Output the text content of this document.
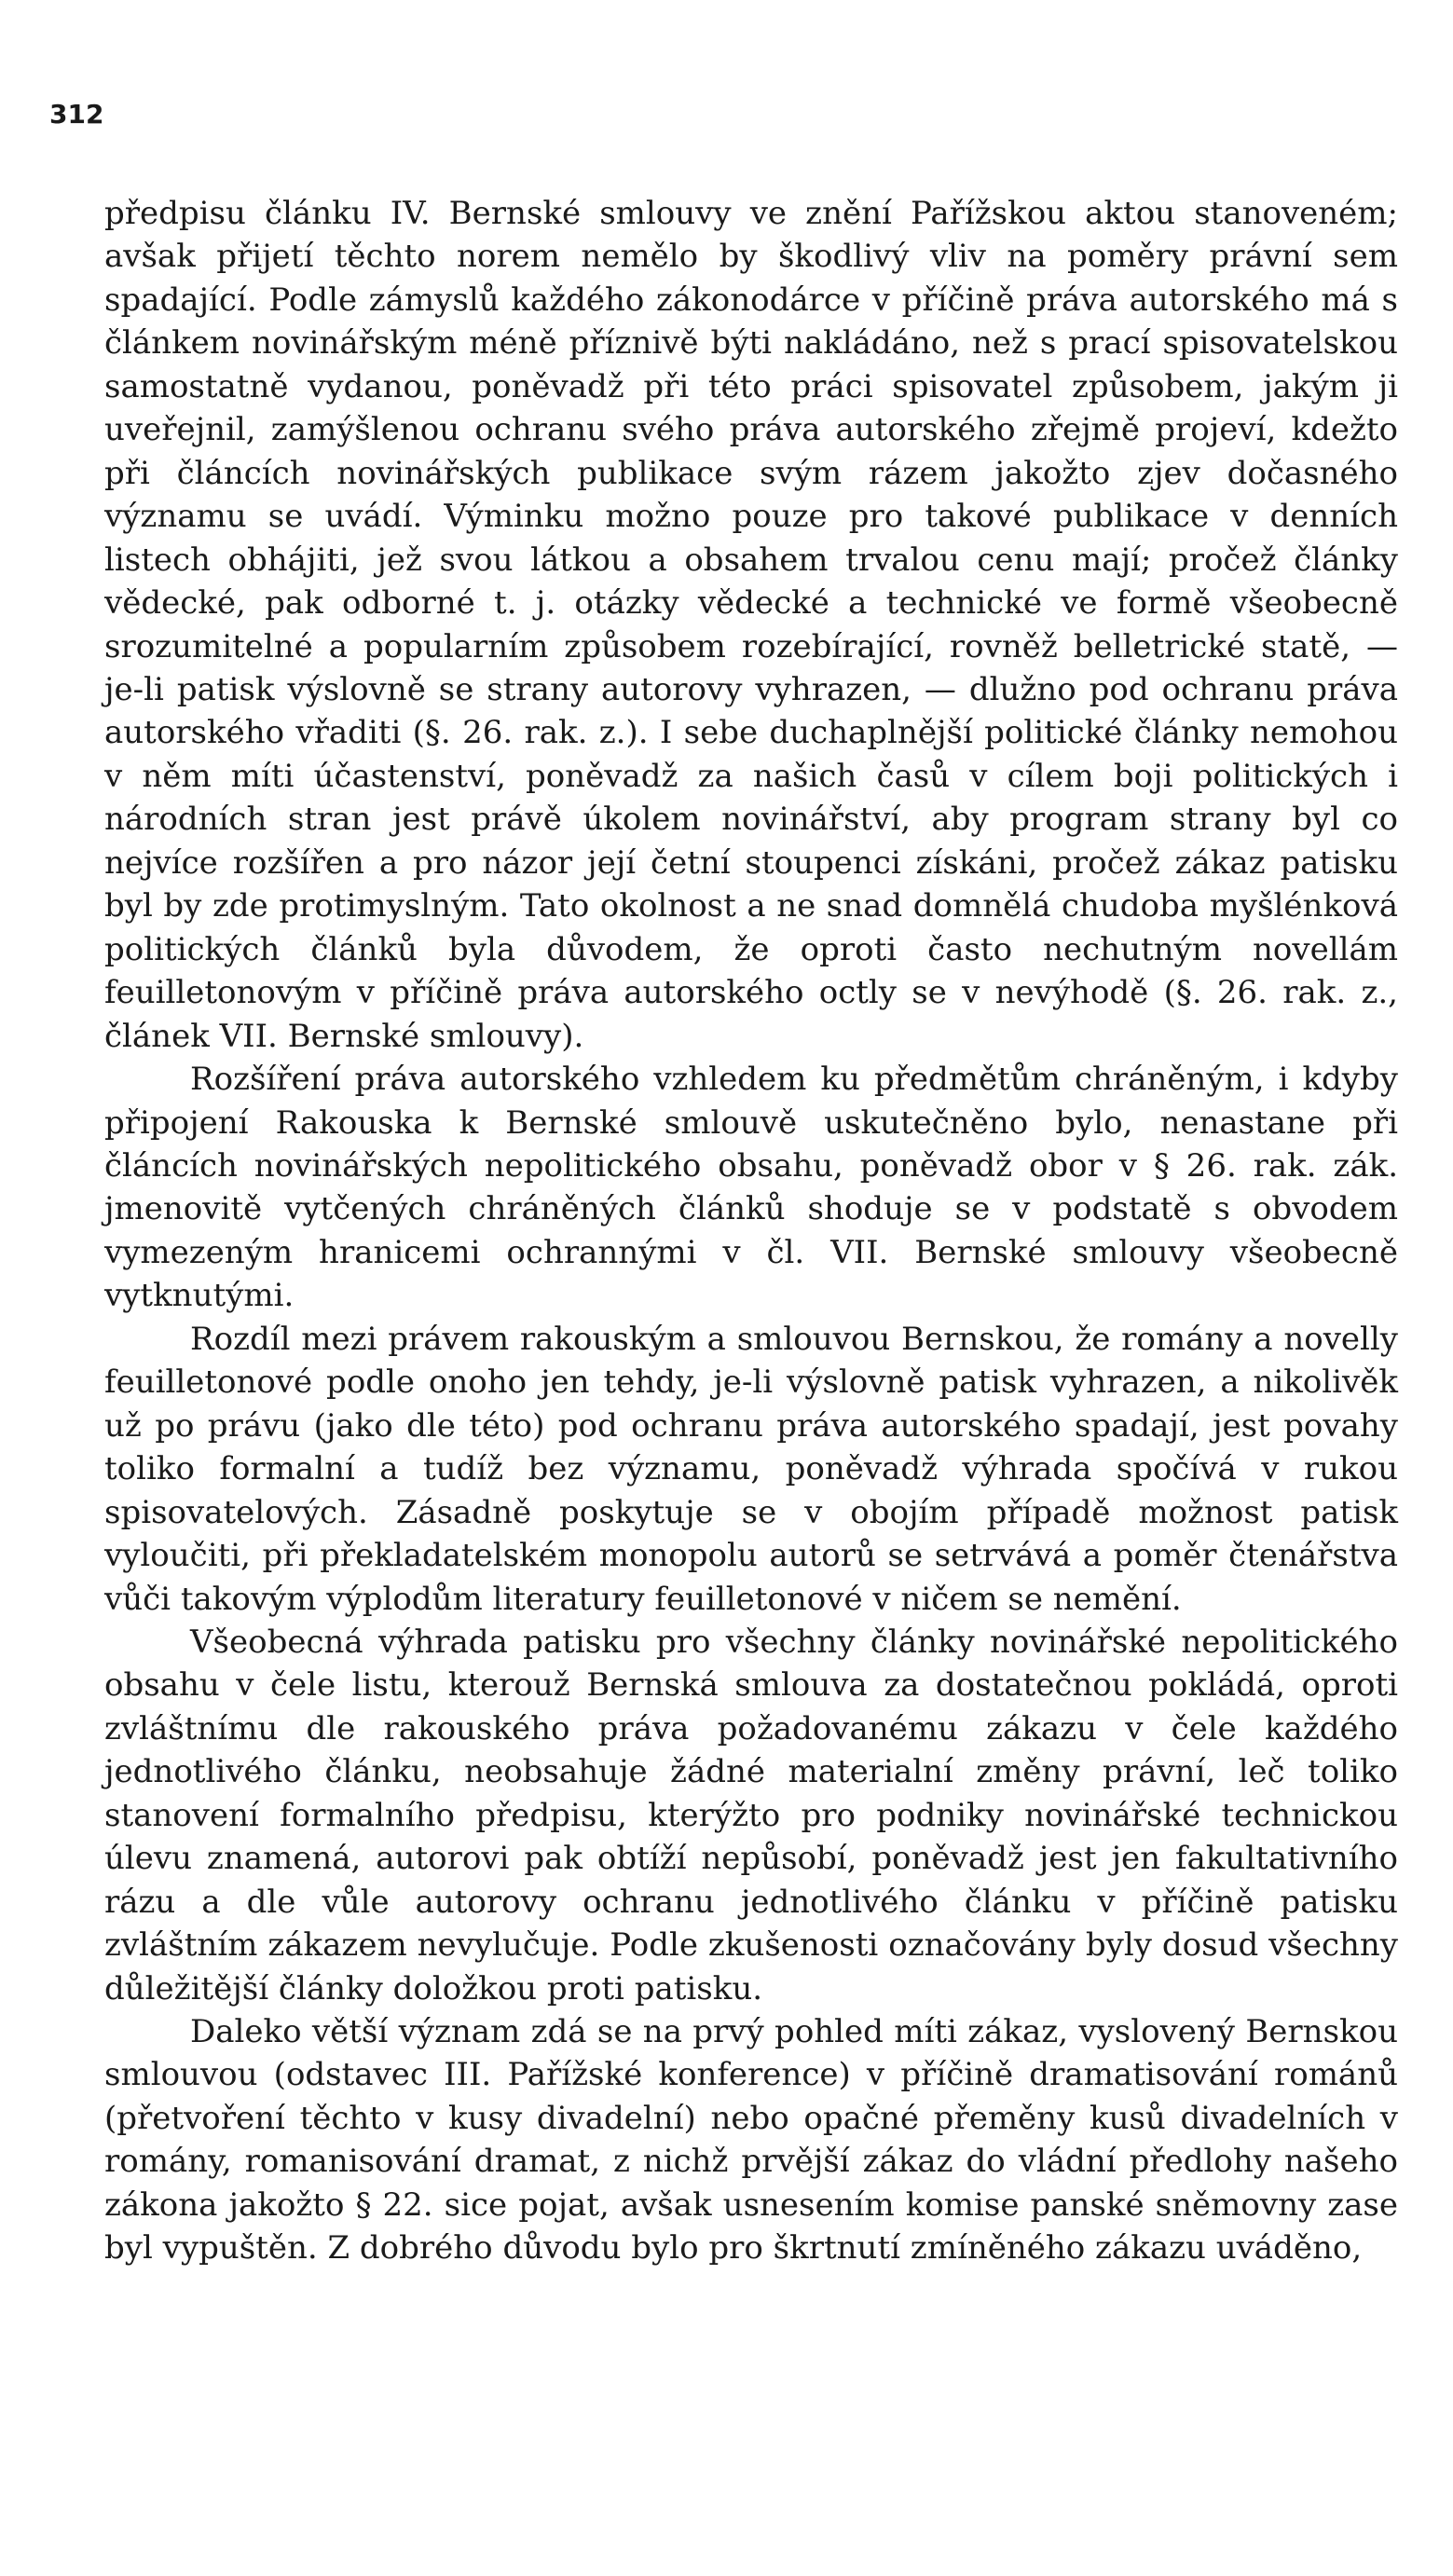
312

předpisu článku IV. Bernské smlouvy ve znění Pařížskou aktou stanoveném; avšak přijetí těchto norem nemělo by škodlivý vliv na poměry právní sem spadající. Podle zámyslů každého zákonodárce v příčině práva autorského má s článkem novinářským méně příznivě býti nakládáno, než s prací spisovatelskou samostatně vydanou, poněvadž při této práci spisovatel způsobem, jakým ji uveřejnil, zamýšlenou ochranu svého práva autorského zřejmě projeví, kdežto při článcích novinářských publikace svým rázem jakožto zjev dočasného významu se uvádí. Výminku možno pouze pro takové publikace v denních listech obhájiti, jež svou látkou a obsahem trvalou cenu mají; pročež články vědecké, pak odborné t. j. otázky vědecké a technické ve formě všeobecně srozumitelné a popularním způsobem rozebírající, rovněž belletrické statě, — je-li patisk výslovně se strany autorovy vyhrazen, — dlužno pod ochranu práva autorského vřaditi (§. 26. rak. z.). I sebe duchaplnější politické články nemohou v něm míti účastenství, poněvadž za našich časů v cílem boji politických i národních stran jest právě úkolem novinářství, aby program strany byl co nejvíce rozšířen a pro názor její četní stoupenci získáni, pročež zákaz patisku byl by zde protimyslným. Tato okolnost a ne snad domnělá chudoba myšlénková politických článků byla důvodem, že oproti často nechutným novellám feuilletonovým v příčině práva autorského octly se v nevýhodě (§. 26. rak. z., článek VII. Bernské smlouvy).

Rozšíření práva autorského vzhledem ku předmětům chráněným, i kdyby připojení Rakouska k Bernské smlouvě uskutečněno bylo, nenastane při článcích novinářských nepolitického obsahu, poněvadž obor v § 26. rak. zák. jmenovitě vytčených chráněných článků shoduje se v podstatě s obvodem vymezeným hranicemi ochrannými v čl. VII. Bernské smlouvy všeobecně vytknutými.

Rozdíl mezi právem rakouským a smlouvou Bernskou, že romány a novelly feuilletonové podle onoho jen tehdy, je-li výslovně patisk vyhrazen, a nikolivěk už po právu (jako dle této) pod ochranu práva autorského spadají, jest povahy toliko formalní a tudíž bez významu, poněvadž výhrada spočívá v rukou spisovatelových. Zásadně poskytuje se v obojím případě možnost patisk vyloučiti, při překladatelském monopolu autorů se setrvává a poměr čtenářstva vůči takovým výplodům literatury feuilletonové v ničem se nemění.

Všeobecná výhrada patisku pro všechny články novinářské nepolitického obsahu v čele listu, kterouž Bernská smlouva za dostatečnou pokládá, oproti zvláštnímu dle rakouského práva požadovanému zákazu v čele každého jednotlivého článku, neobsahuje žádné materialní změny právní, leč toliko stanovení formalního předpisu, kterýžto pro podniky novinářské technickou úlevu znamená, autorovi pak obtíží nepůsobí, poněvadž jest jen fakultativního rázu a dle vůle autorovy ochranu jednotlivého článku v příčině patisku zvláštním zákazem nevylučuje. Podle zkušenosti označovány byly dosud všechny důležitější články doložkou proti patisku.

Daleko větší význam zdá se na prvý pohled míti zákaz, vyslovený Bernskou smlouvou (odstavec III. Pařížské konference) v příčině dramatisování románů (přetvoření těchto v kusy divadelní) nebo opačné přeměny kusů divadelních v romány, romanisování dramat, z nichž prvější zákaz do vládní předlohy našeho zákona jakožto § 22. sice pojat, avšak usnesením komise panské sněmovny zase byl vypuštěn. Z dobrého důvodu bylo pro škrtnutí zmíněného zákazu uváděno,
